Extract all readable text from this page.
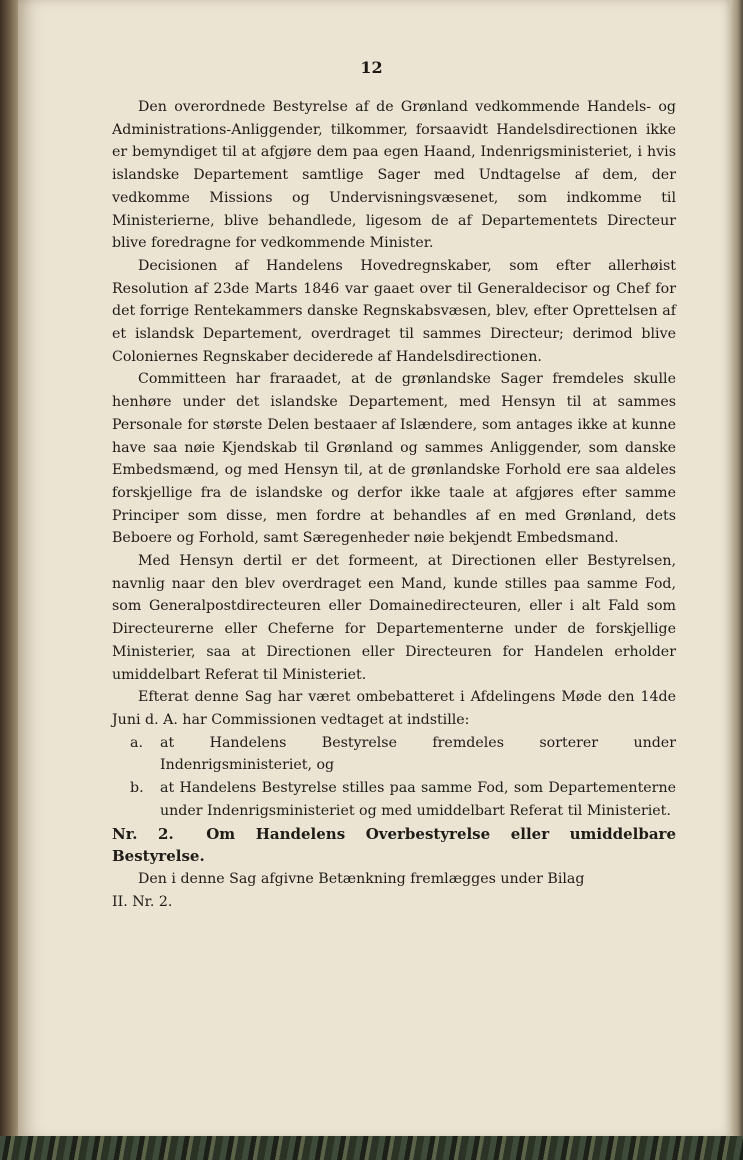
12

Den overordnede Bestyrelse af de Grønland vedkommende Handels- og Administrations-Anliggender, tilkommer, forsaavidt Handelsdirectionen ikke er bemyndiget til at afgjøre dem paa egen Haand, Indenrigsministeriet, i hvis islandske Departement samtlige Sager med Undtagelse af dem, der vedkomme Missions og Undervisningsvæsenet, som indkomme til Ministerierne, blive behandlede, ligesom de af Departementets Directeur blive foredragne for vedkommende Minister.

Decisionen af Handelens Hovedregnskaber, som efter allerhøist Resolution af 23de Marts 1846 var gaaet over til Generaldecisor og Chef for det forrige Rentekammers danske Regnskabsvæsen, blev, efter Oprettelsen af et islandsk Departement, overdraget til sammes Directeur; derimod blive Coloniernes Regnskaber deciderede af Handelsdirectionen.

Committeen har fraraadet, at de grønlandske Sager fremdeles skulle henhøre under det islandske Departement, med Hensyn til at sammes Personale for største Delen bestaaer af Islændere, som antages ikke at kunne have saa nøie Kjendskab til Grønland og sammes Anliggender, som danske Embedsmænd, og med Hensyn til, at de grønlandske Forhold ere saa aldeles forskjellige fra de islandske og derfor ikke taale at afgjøres efter samme Principer som disse, men fordre at behandles af en med Grønland, dets Beboere og Forhold, samt Særegenheder nøie bekjendt Embedsmand.

Med Hensyn dertil er det formeent, at Directionen eller Bestyrelsen, navnlig naar den blev overdraget een Mand, kunde stilles paa samme Fod, som Generalpostdirecteuren eller Domainedirecteuren, eller i alt Fald som Directeurerne eller Cheferne for Departementerne under de forskjellige Ministerier, saa at Directionen eller Directeuren for Handelen erholder umiddelbart Referat til Ministeriet.

Efterat denne Sag har været ombebatteret i Afdelingens Møde den 14de Juni d. A. har Commissionen vedtaget at indstille:

a. at Handelens Bestyrelse fremdeles sorterer under Indenrigsministeriet, og
b. at Handelens Bestyrelse stilles paa samme Fod, som Departementerne under Indenrigsministeriet og med umiddelbart Referat til Ministeriet.

Nr. 2. Om Handelens Overbestyrelse eller umiddelbare Bestyrelse.

Den i denne Sag afgivne Betænkning fremlægges under Bilag

II. Nr. 2.
